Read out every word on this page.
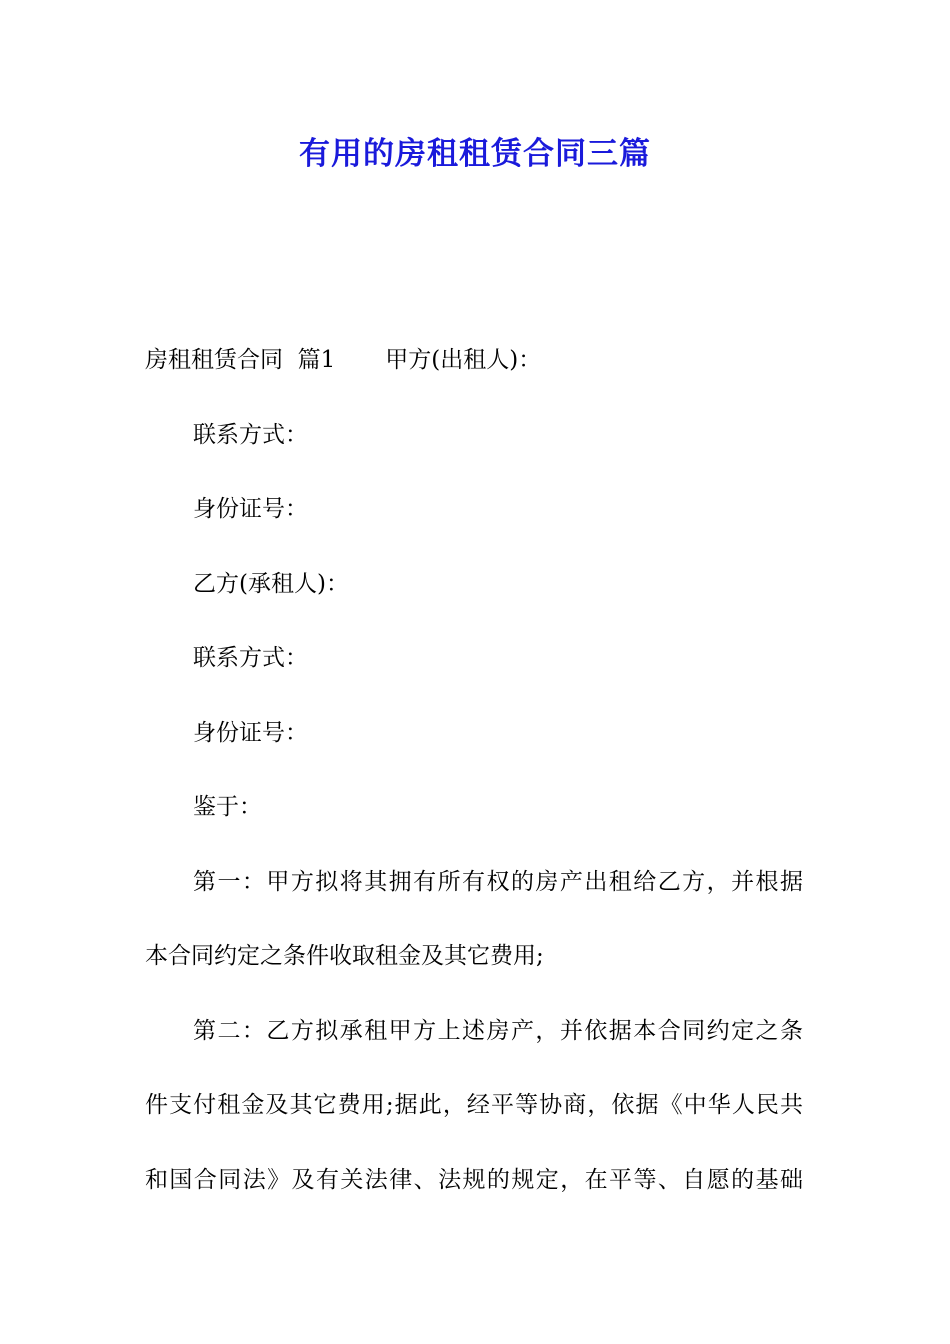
有用的房租租赁合同三篇
房租租赁合同  篇1 甲方(出租人)：
联系方式：
身份证号：
乙方(承租人)：
联系方式：
身份证号：
鉴于：
第一：甲方拟将其拥有所有权的房产出租给乙方，并根据
本合同约定之条件收取租金及其它费用;
第二：乙方拟承租甲方上述房产，并依据本合同约定之条
件支付租金及其它费用;据此，经平等协商，依据《中华人民共
和国合同法》及有关法律、法规的规定，在平等、自愿的基础
